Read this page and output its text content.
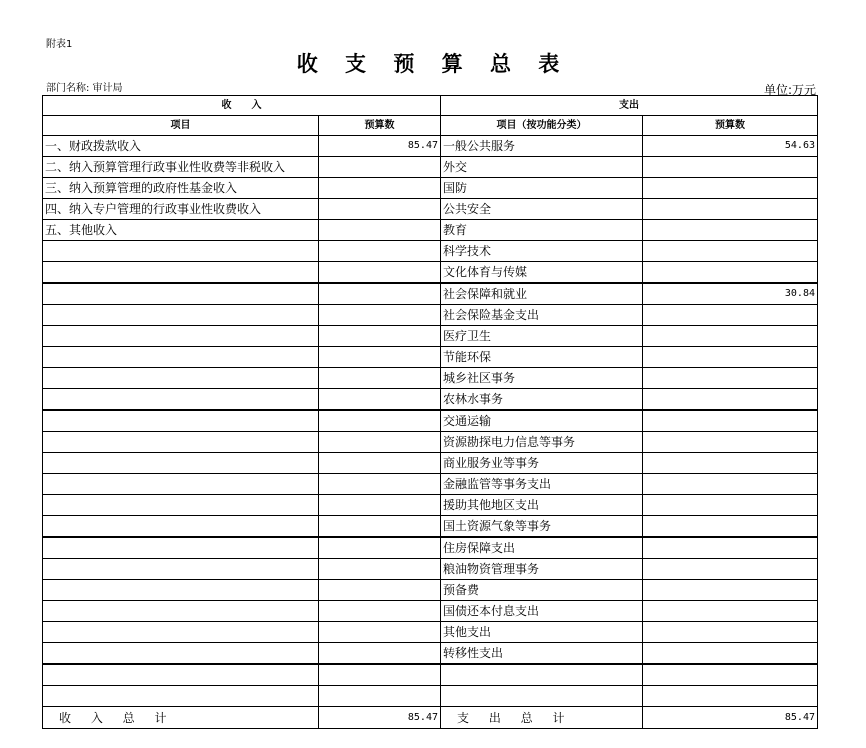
附表1
收 支 预 算 总 表
部门名称: 审计局	单位:万元
收　　入		支出	
项目	预算数	项目（按功能分类）	预算数
一、财政拨款收入	85.47	一般公共服务	54.63
二、纳入预算管理行政事业性收费等非税收入		外交	
三、纳入预算管理的政府性基金收入		国防	
四、纳入专户管理的行政事业性收费收入		公共安全	
五、其他收入		教育	
		科学技术	
		文化体育与传媒	
		社会保障和就业	30.84
		社会保险基金支出	
		医疗卫生	
		节能环保	
		城乡社区事务	
		农林水事务	
		交通运输	
		资源勘探电力信息等事务	
		商业服务业等事务	
		金融监管等事务支出	
		援助其他地区支出	
		国土资源气象等事务	
		住房保障支出	
		粮油物资管理事务	
		预备费	
		国债还本付息支出	
		其他支出	
		转移性支出	

收 入 总 计	85.47	支 出 总 计	85.47
